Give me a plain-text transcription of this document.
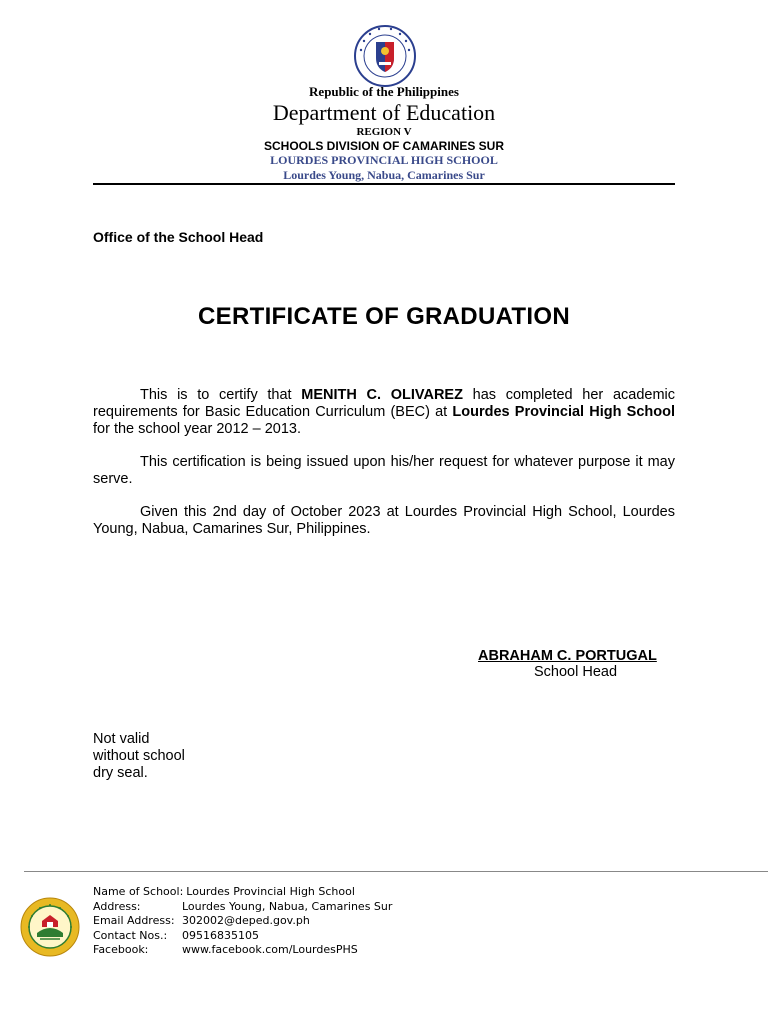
Republic of the Philippines
Department of Education
REGION V
SCHOOLS DIVISION OF CAMARINES SUR
LOURDES PROVINCIAL HIGH SCHOOL
Lourdes Young, Nabua, Camarines Sur
Office of the School Head
CERTIFICATE OF GRADUATION

This is to certify that MENITH C. OLIVAREZ has completed her academic requirements for Basic Education Curriculum (BEC) at Lourdes Provincial High School for the school year 2012 – 2013.

This certification is being issued upon his/her request for whatever purpose it may serve.

Given this 2nd day of October 2023 at Lourdes Provincial High School, Lourdes Young, Nabua, Camarines Sur, Philippines.

ABRAHAM C. PORTUGAL
School Head
Not valid
without school
dry seal.
Name of School: Lourdes Provincial High School
Address:	Lourdes Young, Nabua, Camarines Sur
Email Address: 302002@deped.gov.ph
Contact Nos.:	09516835105
Facebook:	www.facebook.com/LourdesPHS
